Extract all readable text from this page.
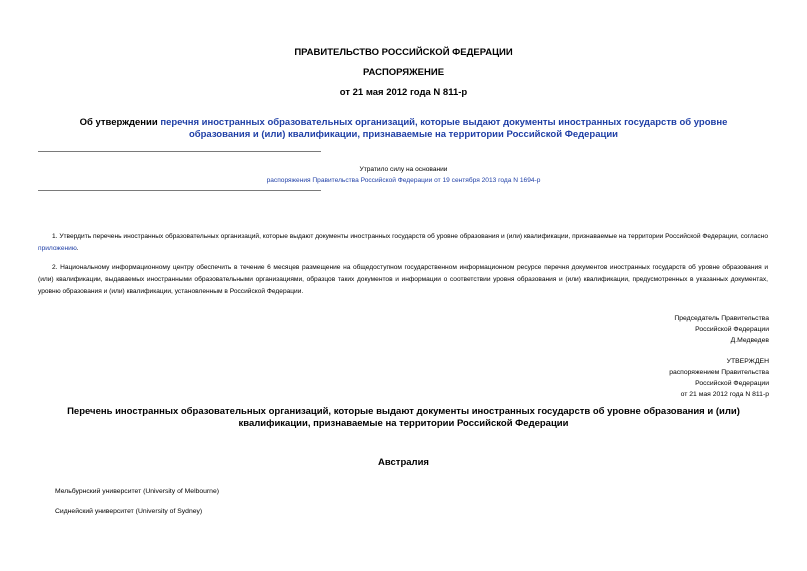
ПРАВИТЕЛЬСТВО РОССИЙСКОЙ ФЕДЕРАЦИИ
РАСПОРЯЖЕНИЕ
от 21 мая 2012 года N 811-р
Об утверждении перечня иностранных образовательных организаций, которые выдают документы иностранных государств об уровне образования и (или) квалификации, признаваемые на территории Российской Федерации
Утратило силу на основании
распоряжения Правительства Российской Федерации от 19 сентября 2013 года N 1694-р
1. Утвердить перечень иностранных образовательных организаций, которые выдают документы иностранных государств об уровне образования и (или) квалификации, признаваемые на территории Российской Федерации, согласно приложению.
2. Национальному информационному центру обеспечить в течение 6 месяцев размещение на общедоступном государственном информационном ресурсе перечня документов иностранных государств об уровне образования и (или) квалификации, выдаваемых иностранными образовательными организациями, образцов таких документов и информации о соответствии уровня образования и (или) квалификации, предусмотренных в указанных документах, уровню образования и (или) квалификации, установленным в Российской Федерации.
Председатель Правительства
Российской Федерации
Д.Медведев
УТВЕРЖДЕН
распоряжением Правительства
Российской Федерации
от 21 мая 2012 года N 811-р
Перечень иностранных образовательных организаций, которые выдают документы иностранных государств об уровне образования и (или) квалификации, признаваемые на территории Российской Федерации
Австралия
Мельбурнский университет (University of Melbourne)
Сиднейский университет (University of Sydney)
